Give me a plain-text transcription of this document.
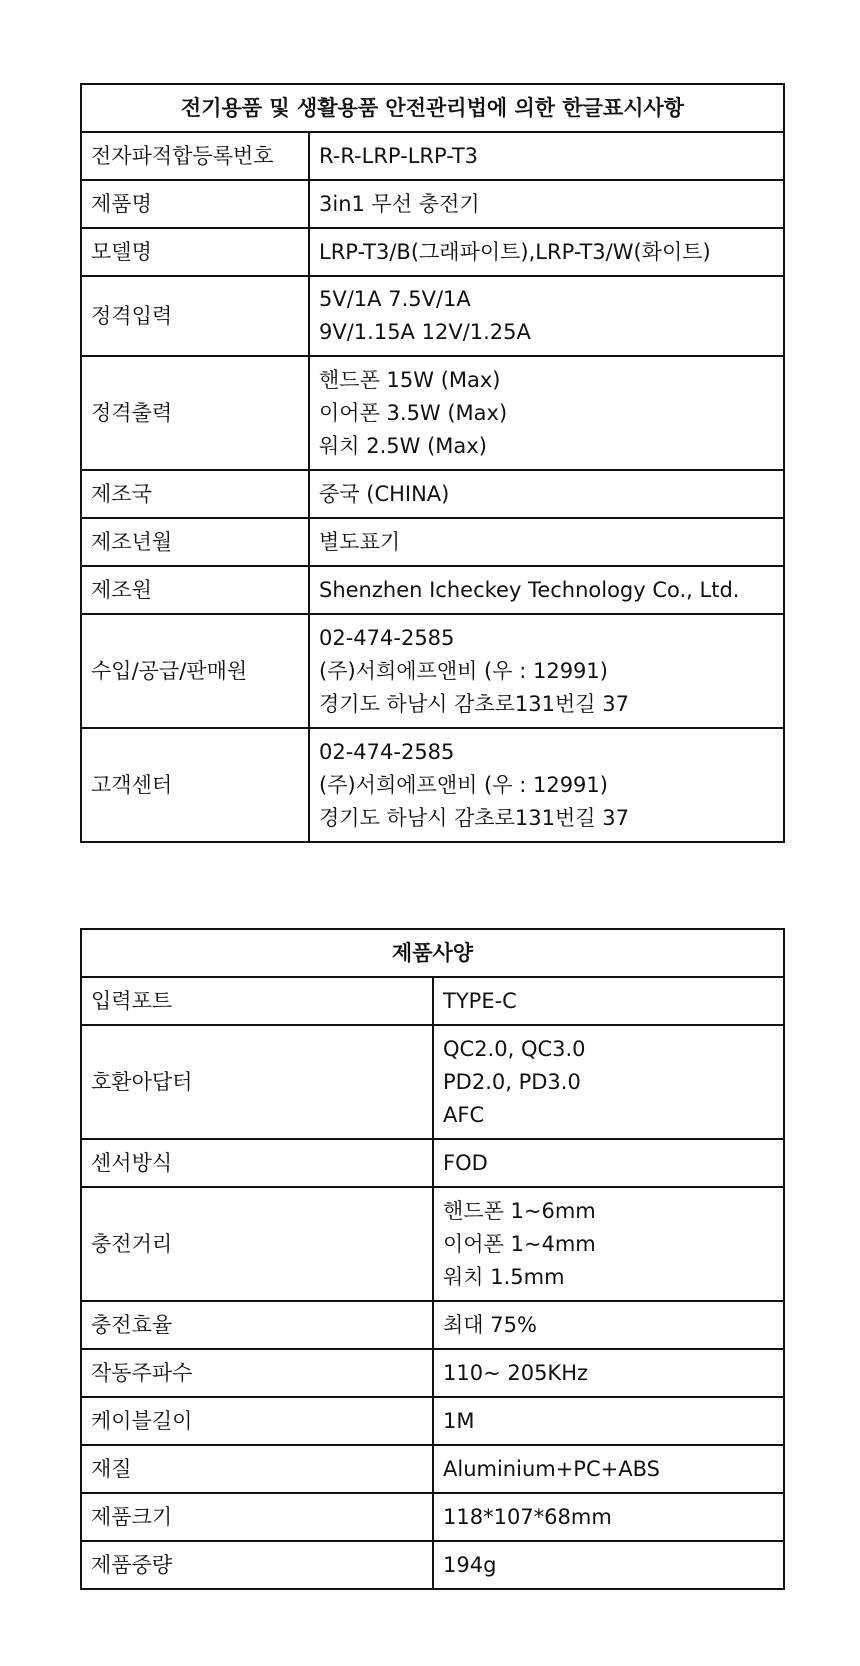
전기용품 및 생활용품 안전관리법에 의한 한글표시사항	
전자파적합등록번호	R-R-LRP-LRP-T3
제품명	3in1 무선 충전기
모델명	LRP-T3/B(그래파이트),LRP-T3/W(화이트)
정격입력	5V/1A 7.5V/1A
9V/1.15A 12V/1.25A
정격출력	핸드폰 15W (Max)
이어폰 3.5W (Max)
워치 2.5W (Max)
제조국	중국 (CHINA)
제조년월	별도표기
제조원	Shenzhen Icheckey Technology Co., Ltd.
수입/공급/판매원	02-474-2585
(주)서희에프앤비 (우 : 12991)
경기도 하남시 감초로131번길 37
고객센터	02-474-2585
(주)서희에프앤비 (우 : 12991)
경기도 하남시 감초로131번길 37
제품사양	
입력포트	TYPE-C
호환아답터	QC2.0, QC3.0
PD2.0, PD3.0
AFC
센서방식	FOD
충전거리	핸드폰 1~6mm
이어폰 1~4mm
워치 1.5mm
충전효율	최대 75%
작동주파수	110~ 205KHz
케이블길이	1M
재질	Aluminium+PC+ABS
제품크기	118*107*68mm
제품중량	194g
